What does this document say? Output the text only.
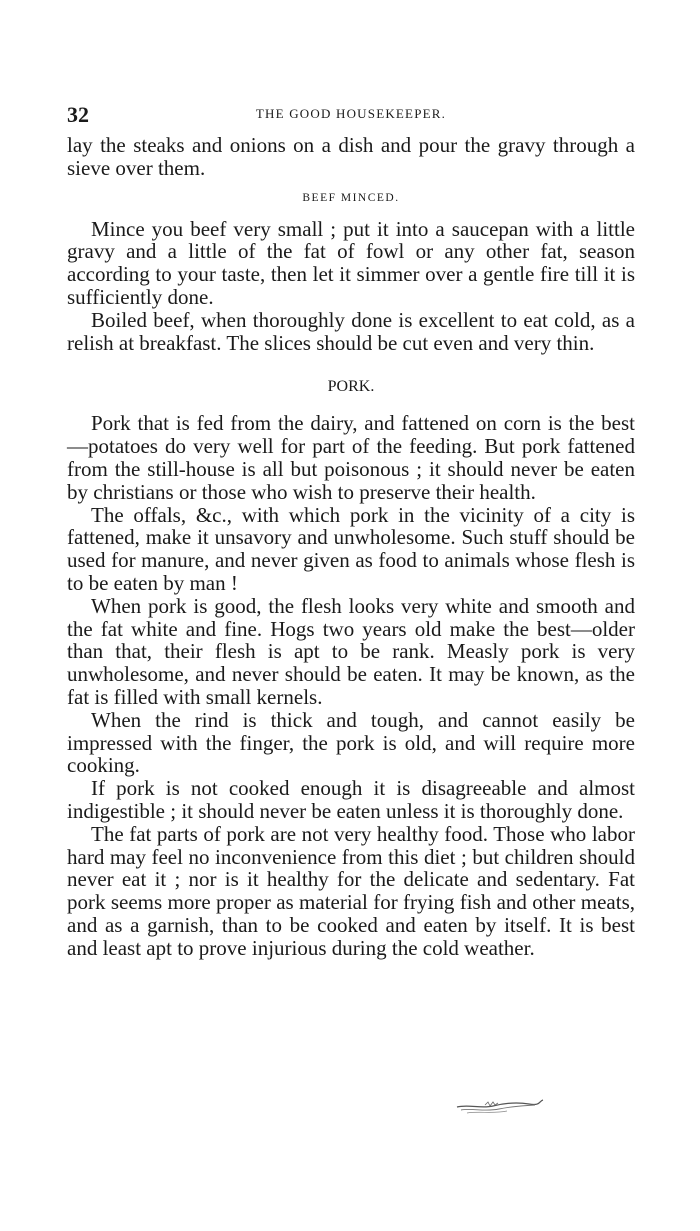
32	THE GOOD HOUSEKEEPER.

lay the steaks and onions on a dish and pour the gravy through a sieve over them.

BEEF MINCED.

Mince you beef very small ; put it into a saucepan with a little gravy and a little of the fat of fowl or any other fat, season according to your taste, then let it simmer over a gentle fire till it is sufficiently done.

Boiled beef, when thoroughly done is excellent to eat cold, as a relish at breakfast. The slices should be cut even and very thin.

PORK.

Pork that is fed from the dairy, and fattened on corn is the best—potatoes do very well for part of the feeding. But pork fattened from the still-house is all but poisonous ; it should never be eaten by christians or those who wish to preserve their health.

The offals, &c., with which pork in the vicinity of a city is fattened, make it unsavory and unwholesome. Such stuff should be used for manure, and never given as food to animals whose flesh is to be eaten by man !

When pork is good, the flesh looks very white and smooth and the fat white and fine. Hogs two years old make the best—older than that, their flesh is apt to be rank. Measly pork is very unwholesome, and never should be eaten. It may be known, as the fat is filled with small kernels.

When the rind is thick and tough, and cannot easily be impressed with the finger, the pork is old, and will require more cooking.

If pork is not cooked enough it is disagreeable and almost indigestible ; it should never be eaten unless it is thoroughly done.

The fat parts of pork are not very healthy food. Those who labor hard may feel no inconvenience from this diet ; but children should never eat it ; nor is it healthy for the delicate and sedentary. Fat pork seems more proper as material for frying fish and other meats, and as a garnish, than to be cooked and eaten by itself. It is best and least apt to prove injurious during the cold weather.
